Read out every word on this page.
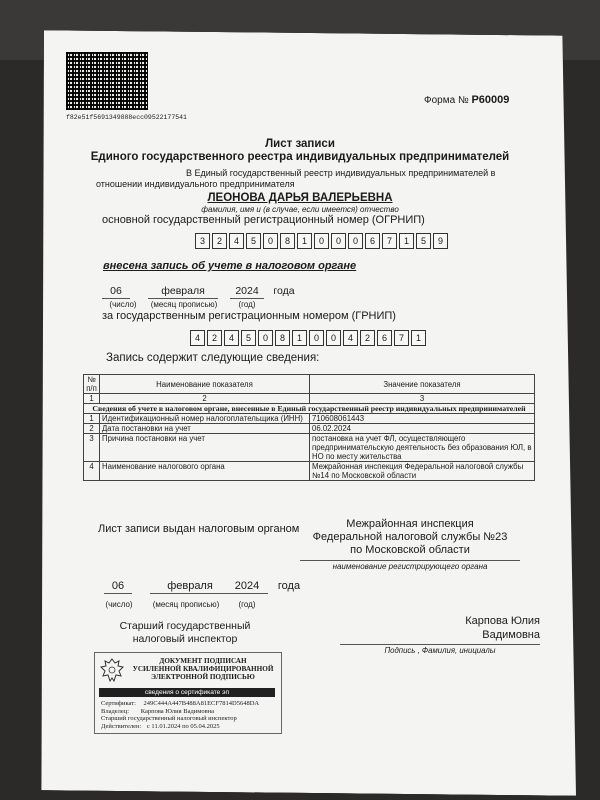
f82e51f5691349888ecc09522177541
Форма № Р60009
Лист записи
Единого государственного реестра индивидуальных предпринимателей
В Единый государственный реестр индивидуальных предпринимателей в
отношении индивидуального предпринимателя
ЛЕОНОВА ДАРЬЯ ВАЛЕРЬЕВНА
фамилия, имя и (в случае, если имеется) отчество
основной государственный регистрационный номер (ОГРНИП)
3	2	4	5	0	8	1	0	0	0	6	7	1	5	9
внесена запись об учете в налоговом органе
06	февраля	2024	года
(число)	(месяц прописью)	(год)
за государственным регистрационным номером (ГРНИП)
4	2	4	5	0	8	1	0	0	4	2	6	7	1
Запись содержит следующие сведения:
№ п/п	Наименование показателя	Значение показателя
1	2	3
Сведения об учете в налоговом органе, внесенные в Единый государственный реестр индивидуальных предпринимателей		
1	Идентификационный номер налогоплательщика (ИНН)	710608061443
2	Дата постановки на учет	06.02.2024
3	Причина постановки на учет	постановка на учет ФЛ, осуществляющего предпринимательскую деятельность без образования ЮЛ, в НО по месту жительства
4	Наименование налогового органа	Межрайонная инспекция Федеральной налоговой службы №14 по Московской области
Лист записи выдан налоговым органом	Межрайонная инспекция
Федеральной налоговой службы №23
по Московской области
наименование регистрирующего органа
06	февраля	2024	года
(число)	(месяц прописью)	(год)
Старший государственный
налоговый инспектор
Карпова Юлия
Вадимовна
Подпись , Фамилия, инициалы
ДОКУМЕНТ ПОДПИСАН
УСИЛЕННОЙ КВАЛИФИЦИРОВАННОЙ
ЭЛЕКТРОННОЙ ПОДПИСЬЮ
сведения о сертификате эп
Сертификат: 249C444A447B488A81ECF7814D5648DA
Владелец: Карпова Юлия Вадимовна
Старший государственный налоговый инспектор
Действителен: с 11.01.2024 по 05.04.2025
